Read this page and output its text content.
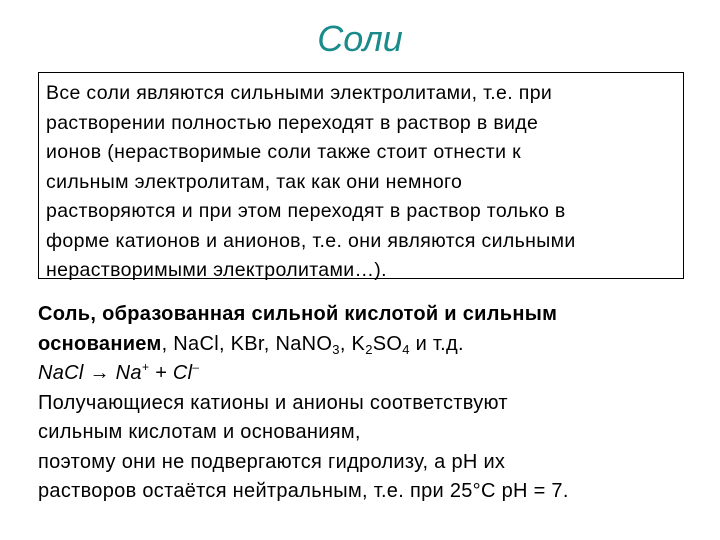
Соли
Все соли являются сильными электролитами, т.е. при
растворении полностью переходят в раствор в виде
ионов (нерастворимые соли также стоит отнести к
сильным электролитам, так как они немного
растворяются и при этом переходят в раствор только в
форме катионов и анионов, т.е. они являются сильными
нерастворимыми электролитами…).
Соль, образованная сильной кислотой и сильным
основанием, NaCl, KBr, NaNO$_3$, $K_2SO_4$ и т.д.
NaCl → Na+ + Cl–
Получающиеся катионы и анионы соответствуют
сильным кислотам и основаниям,
поэтому они не подвергаются гидролизу, а pH их
растворов остаётся нейтральным, т.е. при 25°С pH = 7.
